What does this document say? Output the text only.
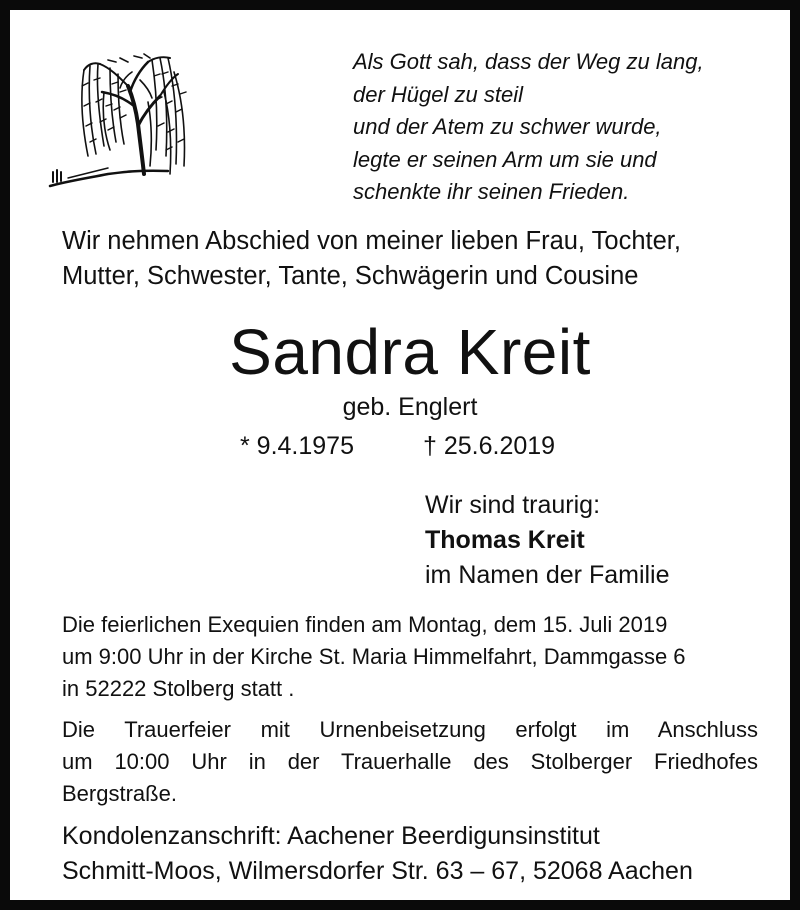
Als Gott sah, dass der Weg zu lang,
der Hügel zu steil
und der Atem zu schwer wurde,
legte er seinen Arm um sie und
schenkte ihr seinen Frieden.
Wir nehmen Abschied von meiner lieben Frau, Tochter,
Mutter, Schwester, Tante, Schwägerin und Cousine
Sandra Kreit
geb. Englert
* 9.4.1975	† 25.6.2019
Wir sind traurig:
Thomas Kreit
im Namen der Familie
Die feierlichen Exequien finden am Montag, dem 15. Juli 2019
um 9:00 Uhr in der Kirche St. Maria Himmelfahrt, Dammgasse 6
in 52222 Stolberg statt .
Die Trauerfeier mit Urnenbeisetzung erfolgt im Anschluss
um 10:00 Uhr in der Trauerhalle des Stolberger Friedhofes
Bergstraße.
Kondolenzanschrift: Aachener Beerdigunsinstitut
Schmitt-Moos, Wilmersdorfer Str. 63 – 67, 52068 Aachen
